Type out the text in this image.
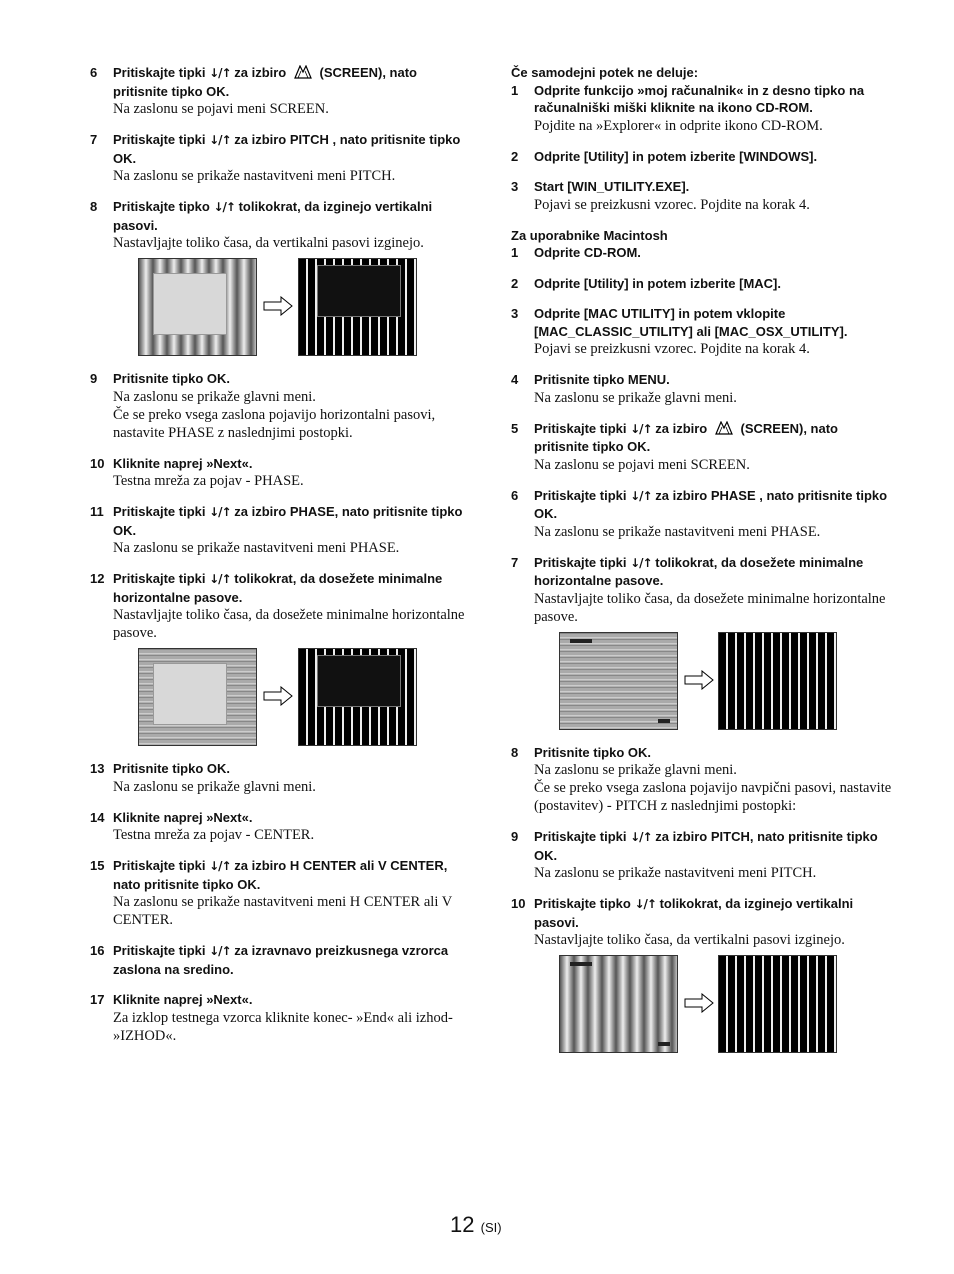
6 Pritiskajte tipki ↓/↑ za izbiro	(SCREEN), nato pritisnite tipko OK.
Na zaslonu se pojavi meni SCREEN.
7 Pritiskajte tipki ↓/↑ za izbiro PITCH , nato pritisnite tipko OK.
Na zaslonu se prikaže nastavitveni meni PITCH.
8 Pritiskajte tipko ↓/↑ tolikokrat, da izginejo vertikalni pasovi.
Nastavljajte toliko časa, da vertikalni pasovi izginejo.
9 Pritisnite tipko OK.
Na zaslonu se prikaže glavni meni.
Če se preko vsega zaslona pojavijo horizontalni pasovi, nastavite PHASE z naslednjimi postopki.
10 Kliknite naprej »Next«.
Testna mreža za pojav - PHASE.
11 Pritiskajte tipki ↓/↑ za izbiro PHASE, nato pritisnite tipko OK.
Na zaslonu se prikaže nastavitveni meni PHASE.
12 Pritiskajte tipki ↓/↑ tolikokrat, da dosežete minimalne horizontalne pasove.
Nastavljajte toliko časa, da dosežete minimalne horizontalne pasove.
13 Pritisnite tipko OK.
Na zaslonu se prikaže glavni meni.
14 Kliknite naprej »Next«.
Testna mreža za pojav - CENTER.
15 Pritiskajte tipki ↓/↑ za izbiro H CENTER ali V CENTER, nato pritisnite tipko OK.
Na zaslonu se prikaže nastavitveni meni H CENTER ali V CENTER.
16 Pritiskajte tipki ↓/↑ za izravnavo preizkusnega vzrorca zaslona na sredino.
17 Kliknite naprej »Next«.
Za izklop testnega vzorca kliknite konec- »End« ali izhod- »IZHOD«.
Če samodejni potek ne deluje:
1 Odprite funkcijo »moj računalnik« in z desno tipko na računalniški miški kliknite na ikono CD-ROM.
Pojdite na »Explorer« in odprite ikono CD-ROM.
2 Odprite [Utility] in potem izberite [WINDOWS].
3 Start [WIN_UTILITY.EXE].
Pojavi se preizkusni vzorec. Pojdite na korak 4.
Za uporabnike Macintosh
1 Odprite CD-ROM.
2 Odprite [Utility] in potem izberite [MAC].
3 Odprite [MAC UTILITY] in potem vklopite [MAC_CLASSIC_UTILITY] ali [MAC_OSX_UTILITY].
Pojavi se preizkusni vzorec. Pojdite na korak 4.
4 Pritisnite tipko MENU.
Na zaslonu se prikaže glavni meni.
5 Pritiskajte tipki ↓/↑ za izbiro	(SCREEN), nato pritisnite tipko OK.
Na zaslonu se pojavi meni SCREEN.
6 Pritiskajte tipki ↓/↑ za izbiro PHASE , nato pritisnite tipko OK.
Na zaslonu se prikaže nastavitveni meni PHASE.
7 Pritiskajte tipki ↓/↑ tolikokrat, da dosežete minimalne horizontalne pasove.
Nastavljajte toliko časa, da dosežete minimalne horizontalne pasove.
8 Pritisnite tipko OK.
Na zaslonu se prikaže glavni meni.
Če se preko vsega zaslona pojavijo navpični pasovi, nastavite (postavitev) - PITCH z naslednjimi postopki:
9 Pritiskajte tipki ↓/↑ za izbiro PITCH, nato pritisnite tipko OK.
Na zaslonu se prikaže nastavitveni meni PITCH.
10 Pritiskajte tipko ↓/↑ tolikokrat, da izginejo vertikalni pasovi.
Nastavljajte toliko časa, da vertikalni pasovi izginejo.
12 (SI)
